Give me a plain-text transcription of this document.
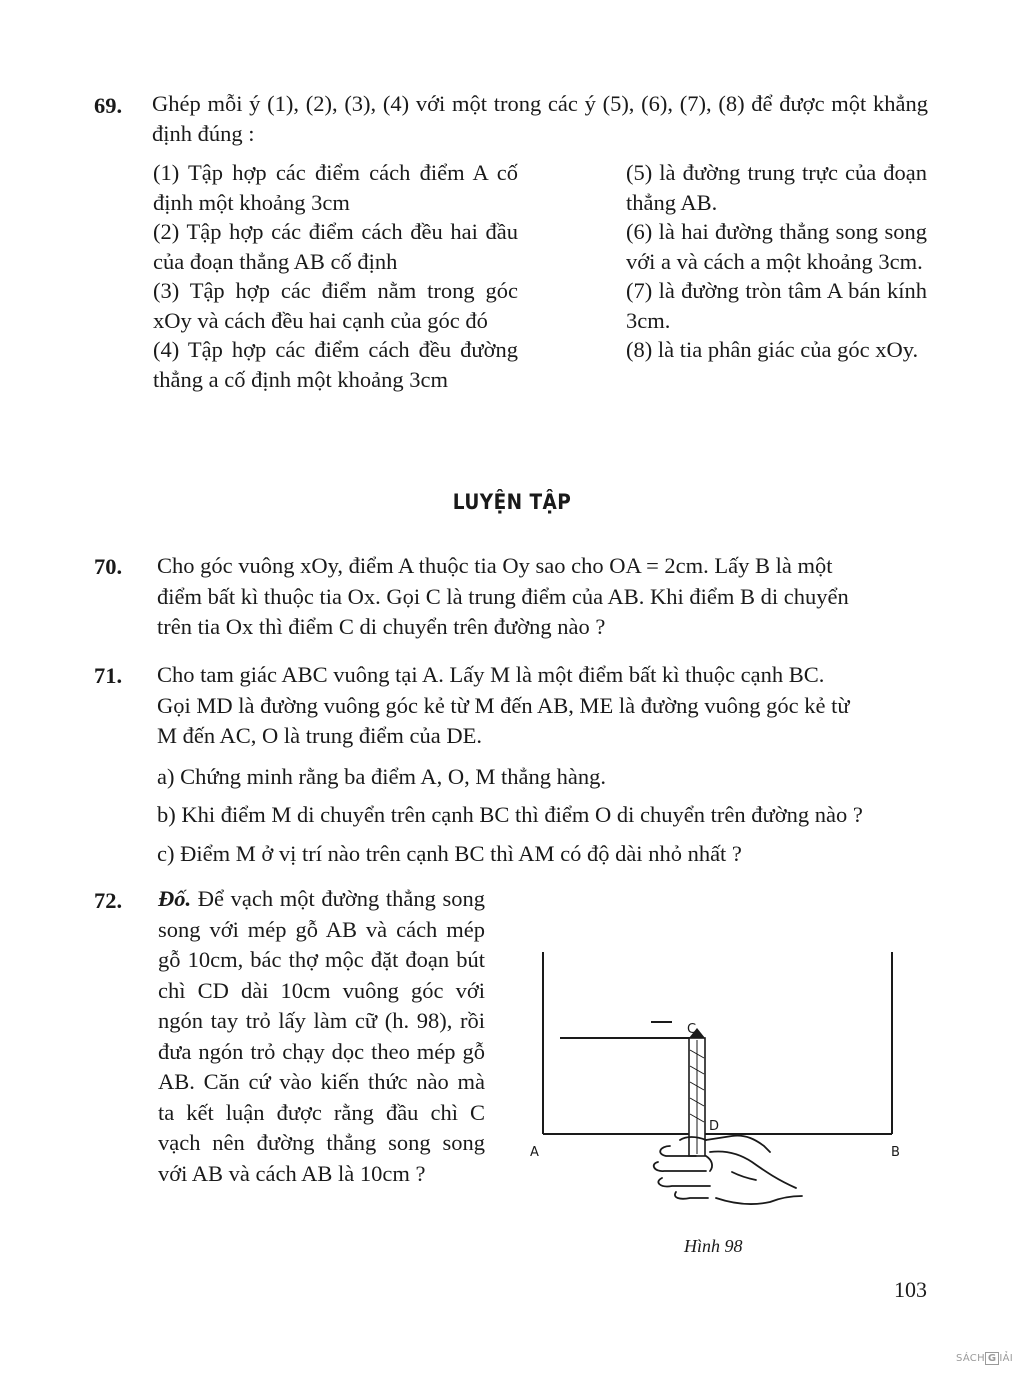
69. Ghép mỗi ý (1), (2), (3), (4) với một trong các ý (5), (6), (7), (8) để được một khẳng định đúng :

(1) Tập hợp các điểm cách điểm A cố định một khoảng 3cm

(2) Tập hợp các điểm cách đều hai đầu của đoạn thẳng AB cố định

(3) Tập hợp các điểm nằm trong góc xOy và cách đều hai cạnh của góc đó

(4) Tập hợp các điểm cách đều đường thẳng a cố định một khoảng 3cm

(5) là đường trung trực của đoạn thẳng AB.

(6) là hai đường thẳng song song với a và cách a một khoảng 3cm.

(7) là đường tròn tâm A bán kính 3cm.

(8) là tia phân giác của góc xOy.

LUYỆN TẬP
70. Cho góc vuông xOy, điểm A thuộc tia Oy sao cho OA = 2cm. Lấy B là một
điểm bất kì thuộc tia Ox. Gọi C là trung điểm của AB. Khi điểm B di chuyển
trên tia Ox thì điểm C di chuyển trên đường nào ?
71. Cho tam giác ABC vuông tại A. Lấy M là một điểm bất kì thuộc cạnh BC.
Gọi MD là đường vuông góc kẻ từ M đến AB, ME là đường vuông góc kẻ từ
M đến AC, O là trung điểm của DE.
a) Chứng minh rằng ba điểm A, O, M thẳng hàng.
b) Khi điểm M di chuyển trên cạnh BC thì điểm O di chuyển trên đường nào ?
c) Điểm M ở vị trí nào trên cạnh BC thì AM có độ dài nhỏ nhất ?
72. Đố. Để vạch một đường thẳng song song với mép gỗ AB và cách mép gỗ 10cm, bác thợ mộc đặt đoạn bút chì CD dài 10cm vuông góc với ngón tay trỏ lấy làm cữ (h. 98), rồi đưa ngón trỏ chạy dọc theo mép gỗ AB. Căn cứ vào kiến thức nào mà ta kết luận được rằng đầu chì C vạch nên đường thẳng song song với AB và cách AB là 10cm ?
C
D
A	B
Hình 98
103
SÁCH G IẢI
